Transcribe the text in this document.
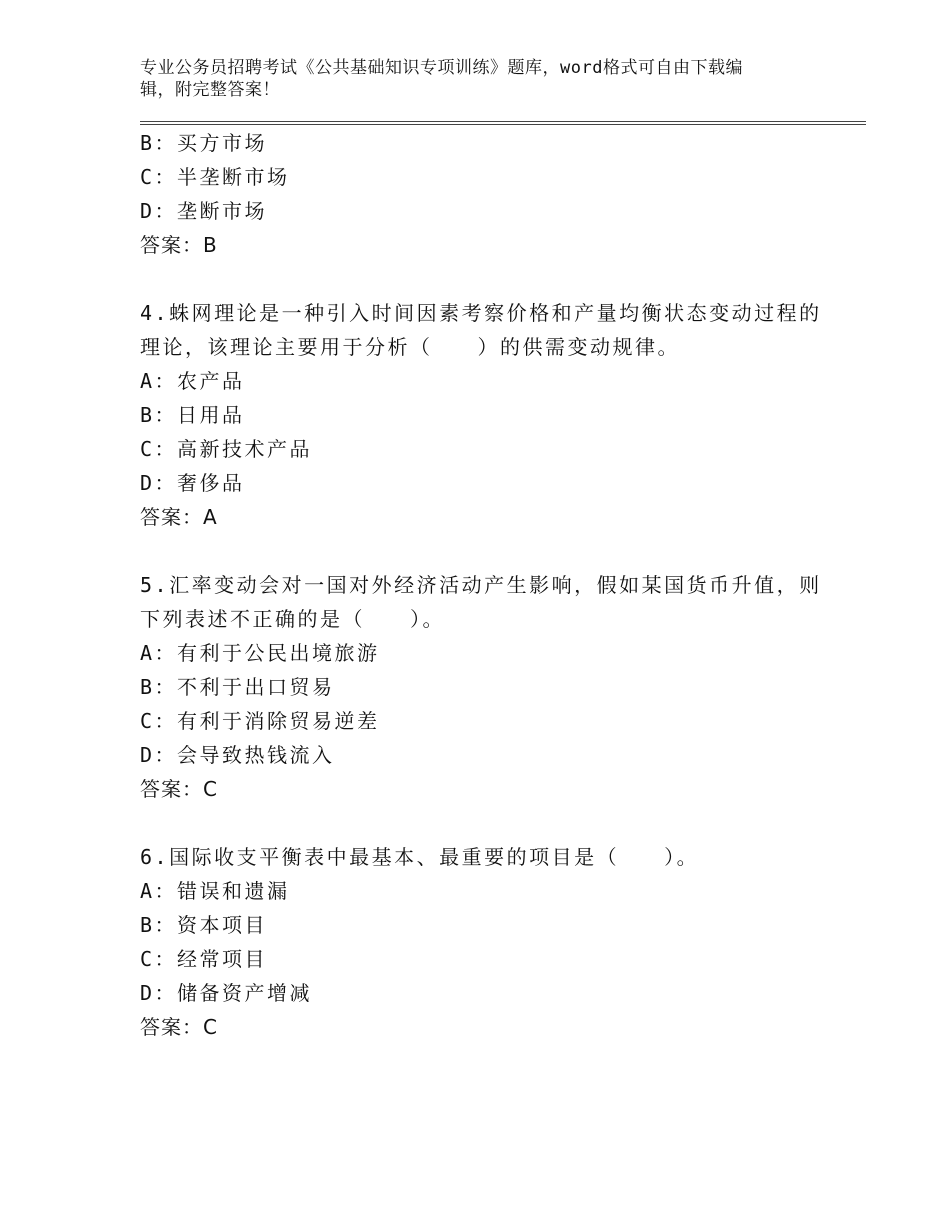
专业公务员招聘考试《公共基础知识专项训练》题库，word格式可自由下载编
辑，附完整答案！
B：买方市场
C：半垄断市场
D：垄断市场
答案：B
4.蛛网理论是一种引入时间因素考察价格和产量均衡状态变动过程的
理论，该理论主要用于分析（　　）的供需变动规律。
A：农产品
B：日用品
C：高新技术产品
D：奢侈品
答案：A
5.汇率变动会对一国对外经济活动产生影响，假如某国货币升值，则
下列表述不正确的是（　　）。
A：有利于公民出境旅游
B：不利于出口贸易
C：有利于消除贸易逆差
D：会导致热钱流入
答案：C
6.国际收支平衡表中最基本、最重要的项目是（　　）。
A：错误和遗漏
B：资本项目
C：经常项目
D：储备资产增减
答案：C
